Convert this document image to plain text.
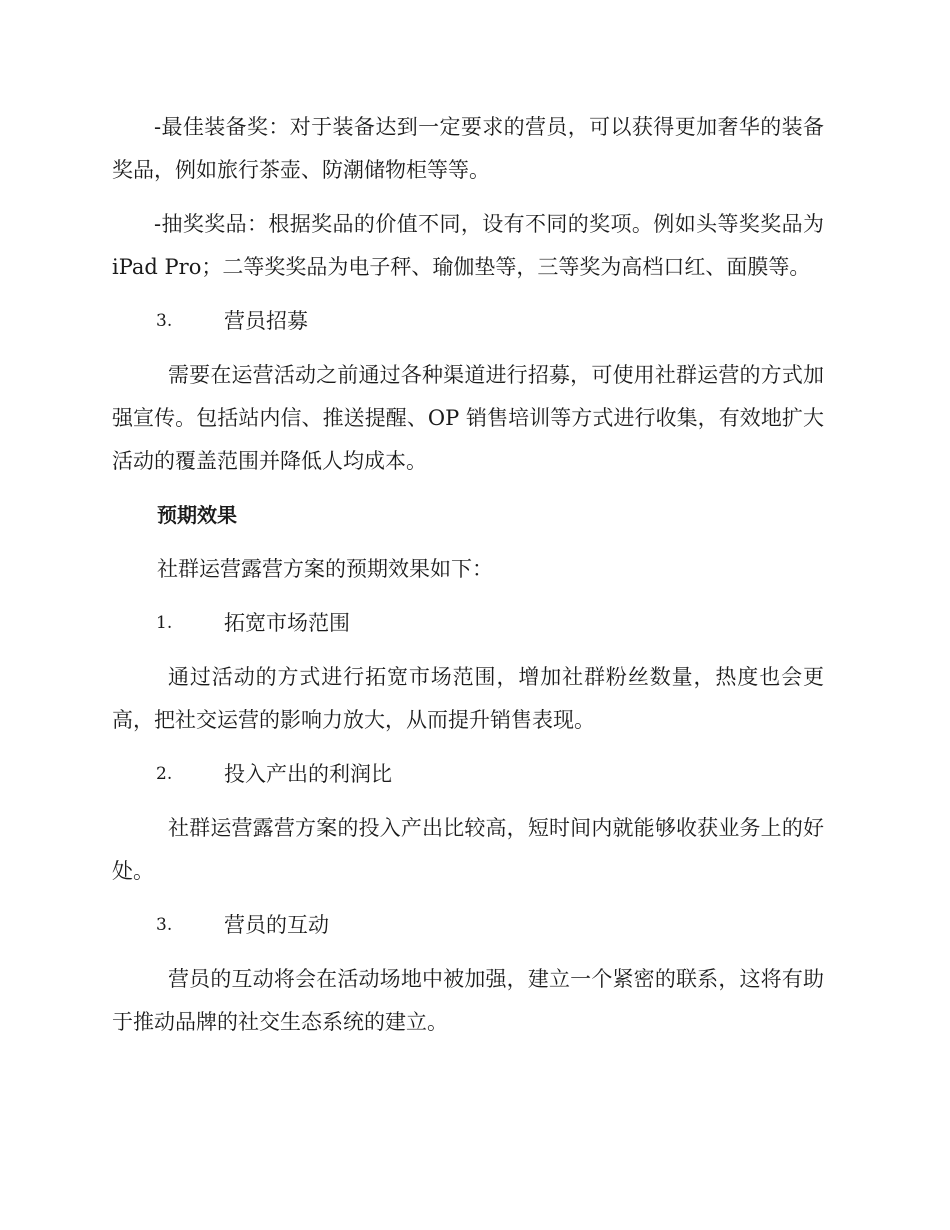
-最佳装备奖：对于装备达到一定要求的营员，可以获得更加奢华的装备奖品，例如旅行茶壶、防潮储物柜等等。

-抽奖奖品：根据奖品的价值不同，设有不同的奖项。例如头等奖奖品为 iPad Pro；二等奖奖品为电子秤、瑜伽垫等，三等奖为高档口红、面膜等。

3. 营员招募

需要在运营活动之前通过各种渠道进行招募，可使用社群运营的方式加强宣传。包括站内信、推送提醒、OP 销售培训等方式进行收集，有效地扩大活动的覆盖范围并降低人均成本。

预期效果

社群运营露营方案的预期效果如下：

1. 拓宽市场范围

通过活动的方式进行拓宽市场范围，增加社群粉丝数量，热度也会更高，把社交运营的影响力放大，从而提升销售表现。

2. 投入产出的利润比

社群运营露营方案的投入产出比较高，短时间内就能够收获业务上的好处。

3. 营员的互动

营员的互动将会在活动场地中被加强，建立一个紧密的联系，这将有助于推动品牌的社交生态系统的建立。
